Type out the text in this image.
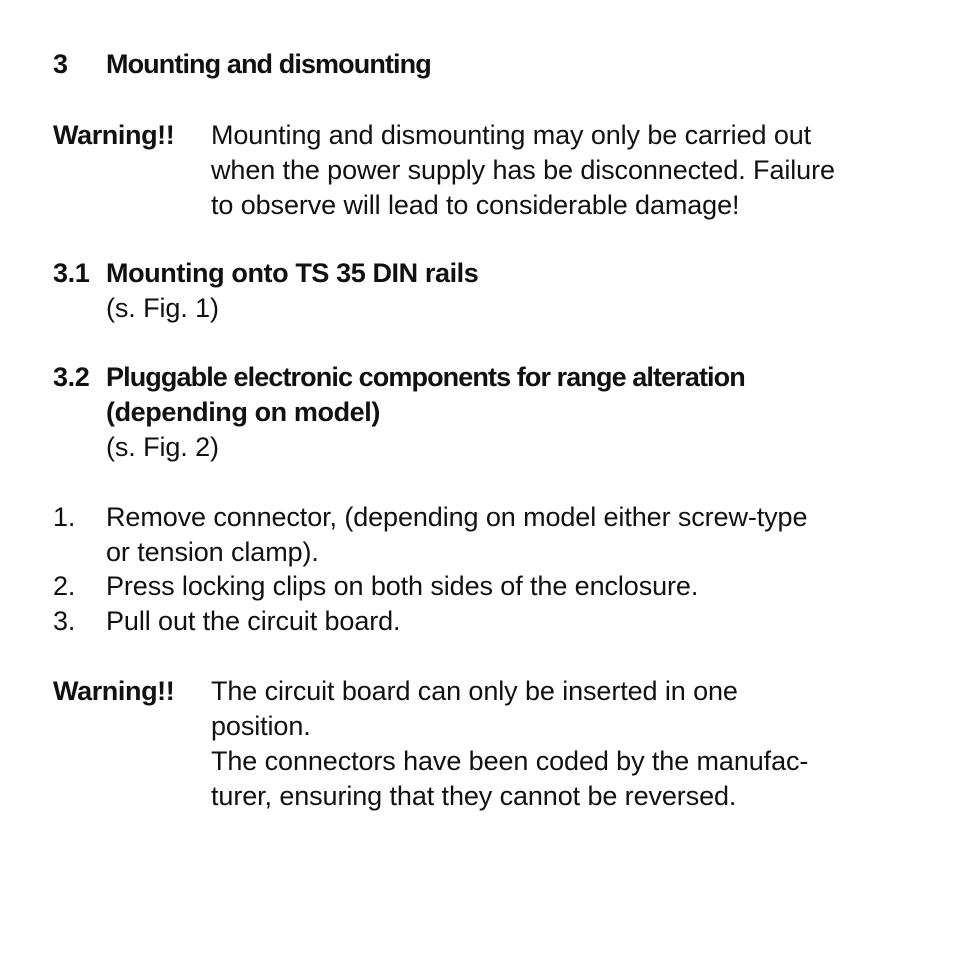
3 Mounting and dismounting
Warning!! Mounting and dismounting may only be carried out
when the power supply has be disconnected. Failure
to observe will lead to considerable damage!
3.1 Mounting onto TS 35 DIN rails
(s. Fig. 1)
3.2 Pluggable electronic components for range alteration
(depending on model)
(s. Fig. 2)
1. Remove connector, (depending on model either screw-type
or tension clamp).
2. Press locking clips on both sides of the enclosure.
3. Pull out the circuit board.
Warning!! The circuit board can only be inserted in one
position.
The connectors have been coded by the manufac-
turer, ensuring that they cannot be reversed.
